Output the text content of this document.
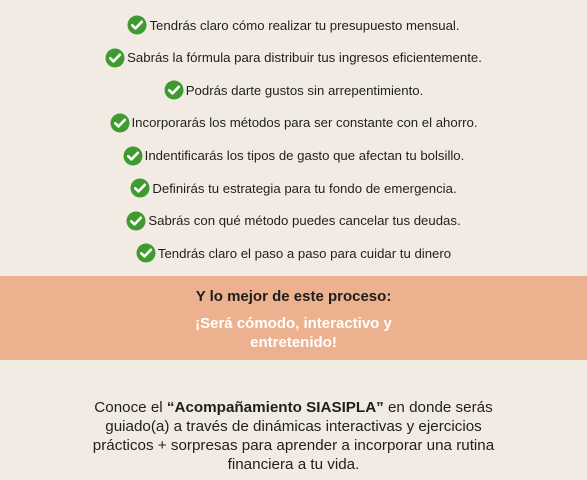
Tendrás claro cómo realizar tu presupuesto mensual.
Sabrás la fórmula para distribuir tus ingresos eficientemente.
Podrás darte gustos sin arrepentimiento.
Incorporarás los métodos para ser constante con el ahorro.
Indentificarás los tipos de gasto que afectan tu bolsillo.
Definirás tu estrategia para tu fondo de emergencia.
Sabrás con qué método puedes cancelar tus deudas.
Tendrás claro el paso a paso para cuidar tu dinero
Y lo mejor de este proceso:
¡Será cómodo, interactivo y entretenido!

Conoce el “Acompañamiento SIASIPLA” en donde serás guiado(a) a través de dinámicas interactivas y ejercicios prácticos + sorpresas para aprender a incorporar una rutina financiera a tu vida.
